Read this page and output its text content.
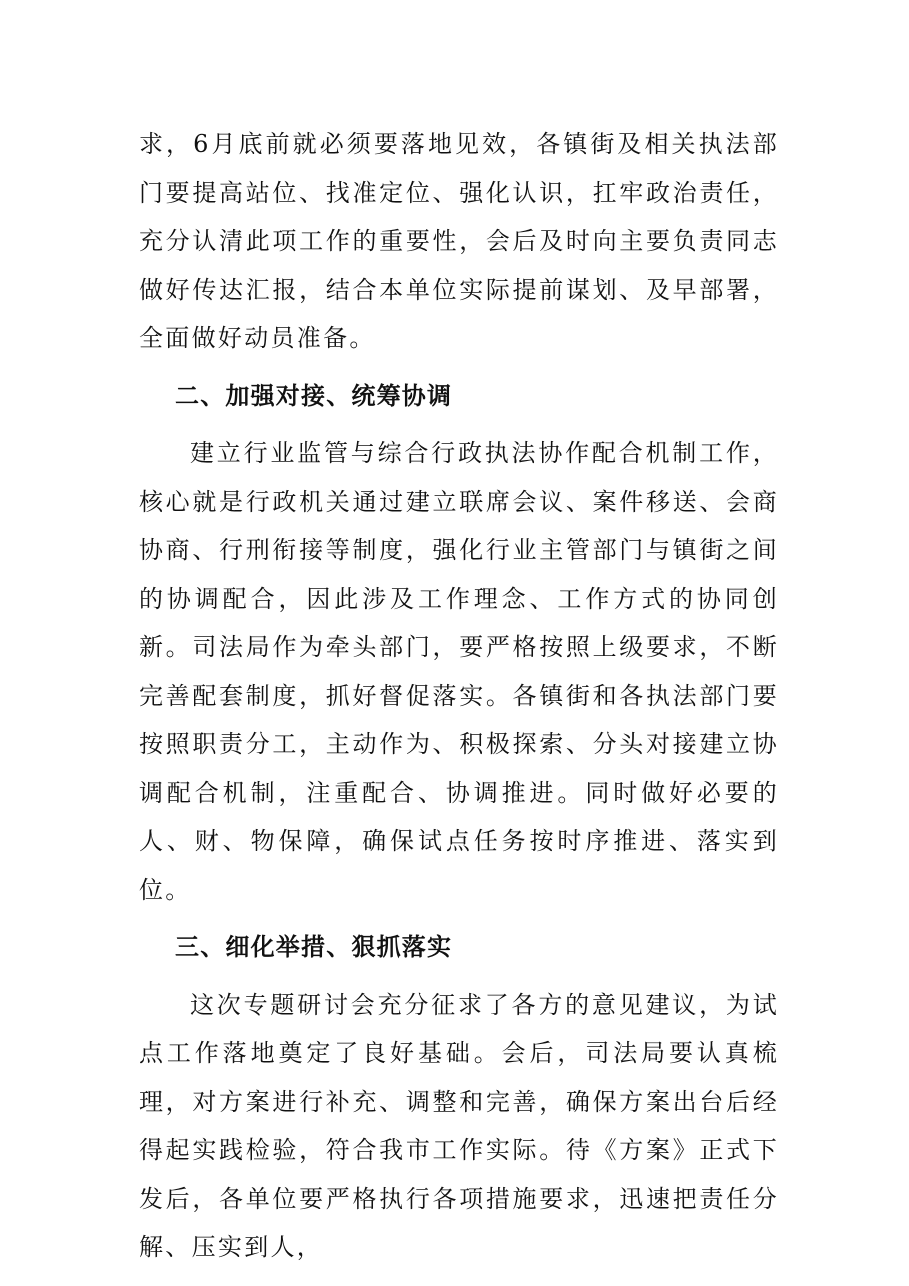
求，6月底前就必须要落地见效，各镇街及相关执法部门要提高站位、找准定位、强化认识，扛牢政治责任，充分认清此项工作的重要性，会后及时向主要负责同志做好传达汇报，结合本单位实际提前谋划、及早部署，全面做好动员准备。

二、加强对接、统筹协调

建立行业监管与综合行政执法协作配合机制工作，核心就是行政机关通过建立联席会议、案件移送、会商协商、行刑衔接等制度，强化行业主管部门与镇街之间的协调配合，因此涉及工作理念、工作方式的协同创新。司法局作为牵头部门，要严格按照上级要求，不断完善配套制度，抓好督促落实。各镇街和各执法部门要按照职责分工，主动作为、积极探索、分头对接建立协调配合机制，注重配合、协调推进。同时做好必要的人、财、物保障，确保试点任务按时序推进、落实到位。

三、细化举措、狠抓落实

这次专题研讨会充分征求了各方的意见建议，为试点工作落地奠定了良好基础。会后，司法局要认真梳理，对方案进行补充、调整和完善，确保方案出台后经得起实践检验，符合我市工作实际。待《方案》正式下发后，各单位要严格执行各项措施要求，迅速把责任分解、压实到人，
